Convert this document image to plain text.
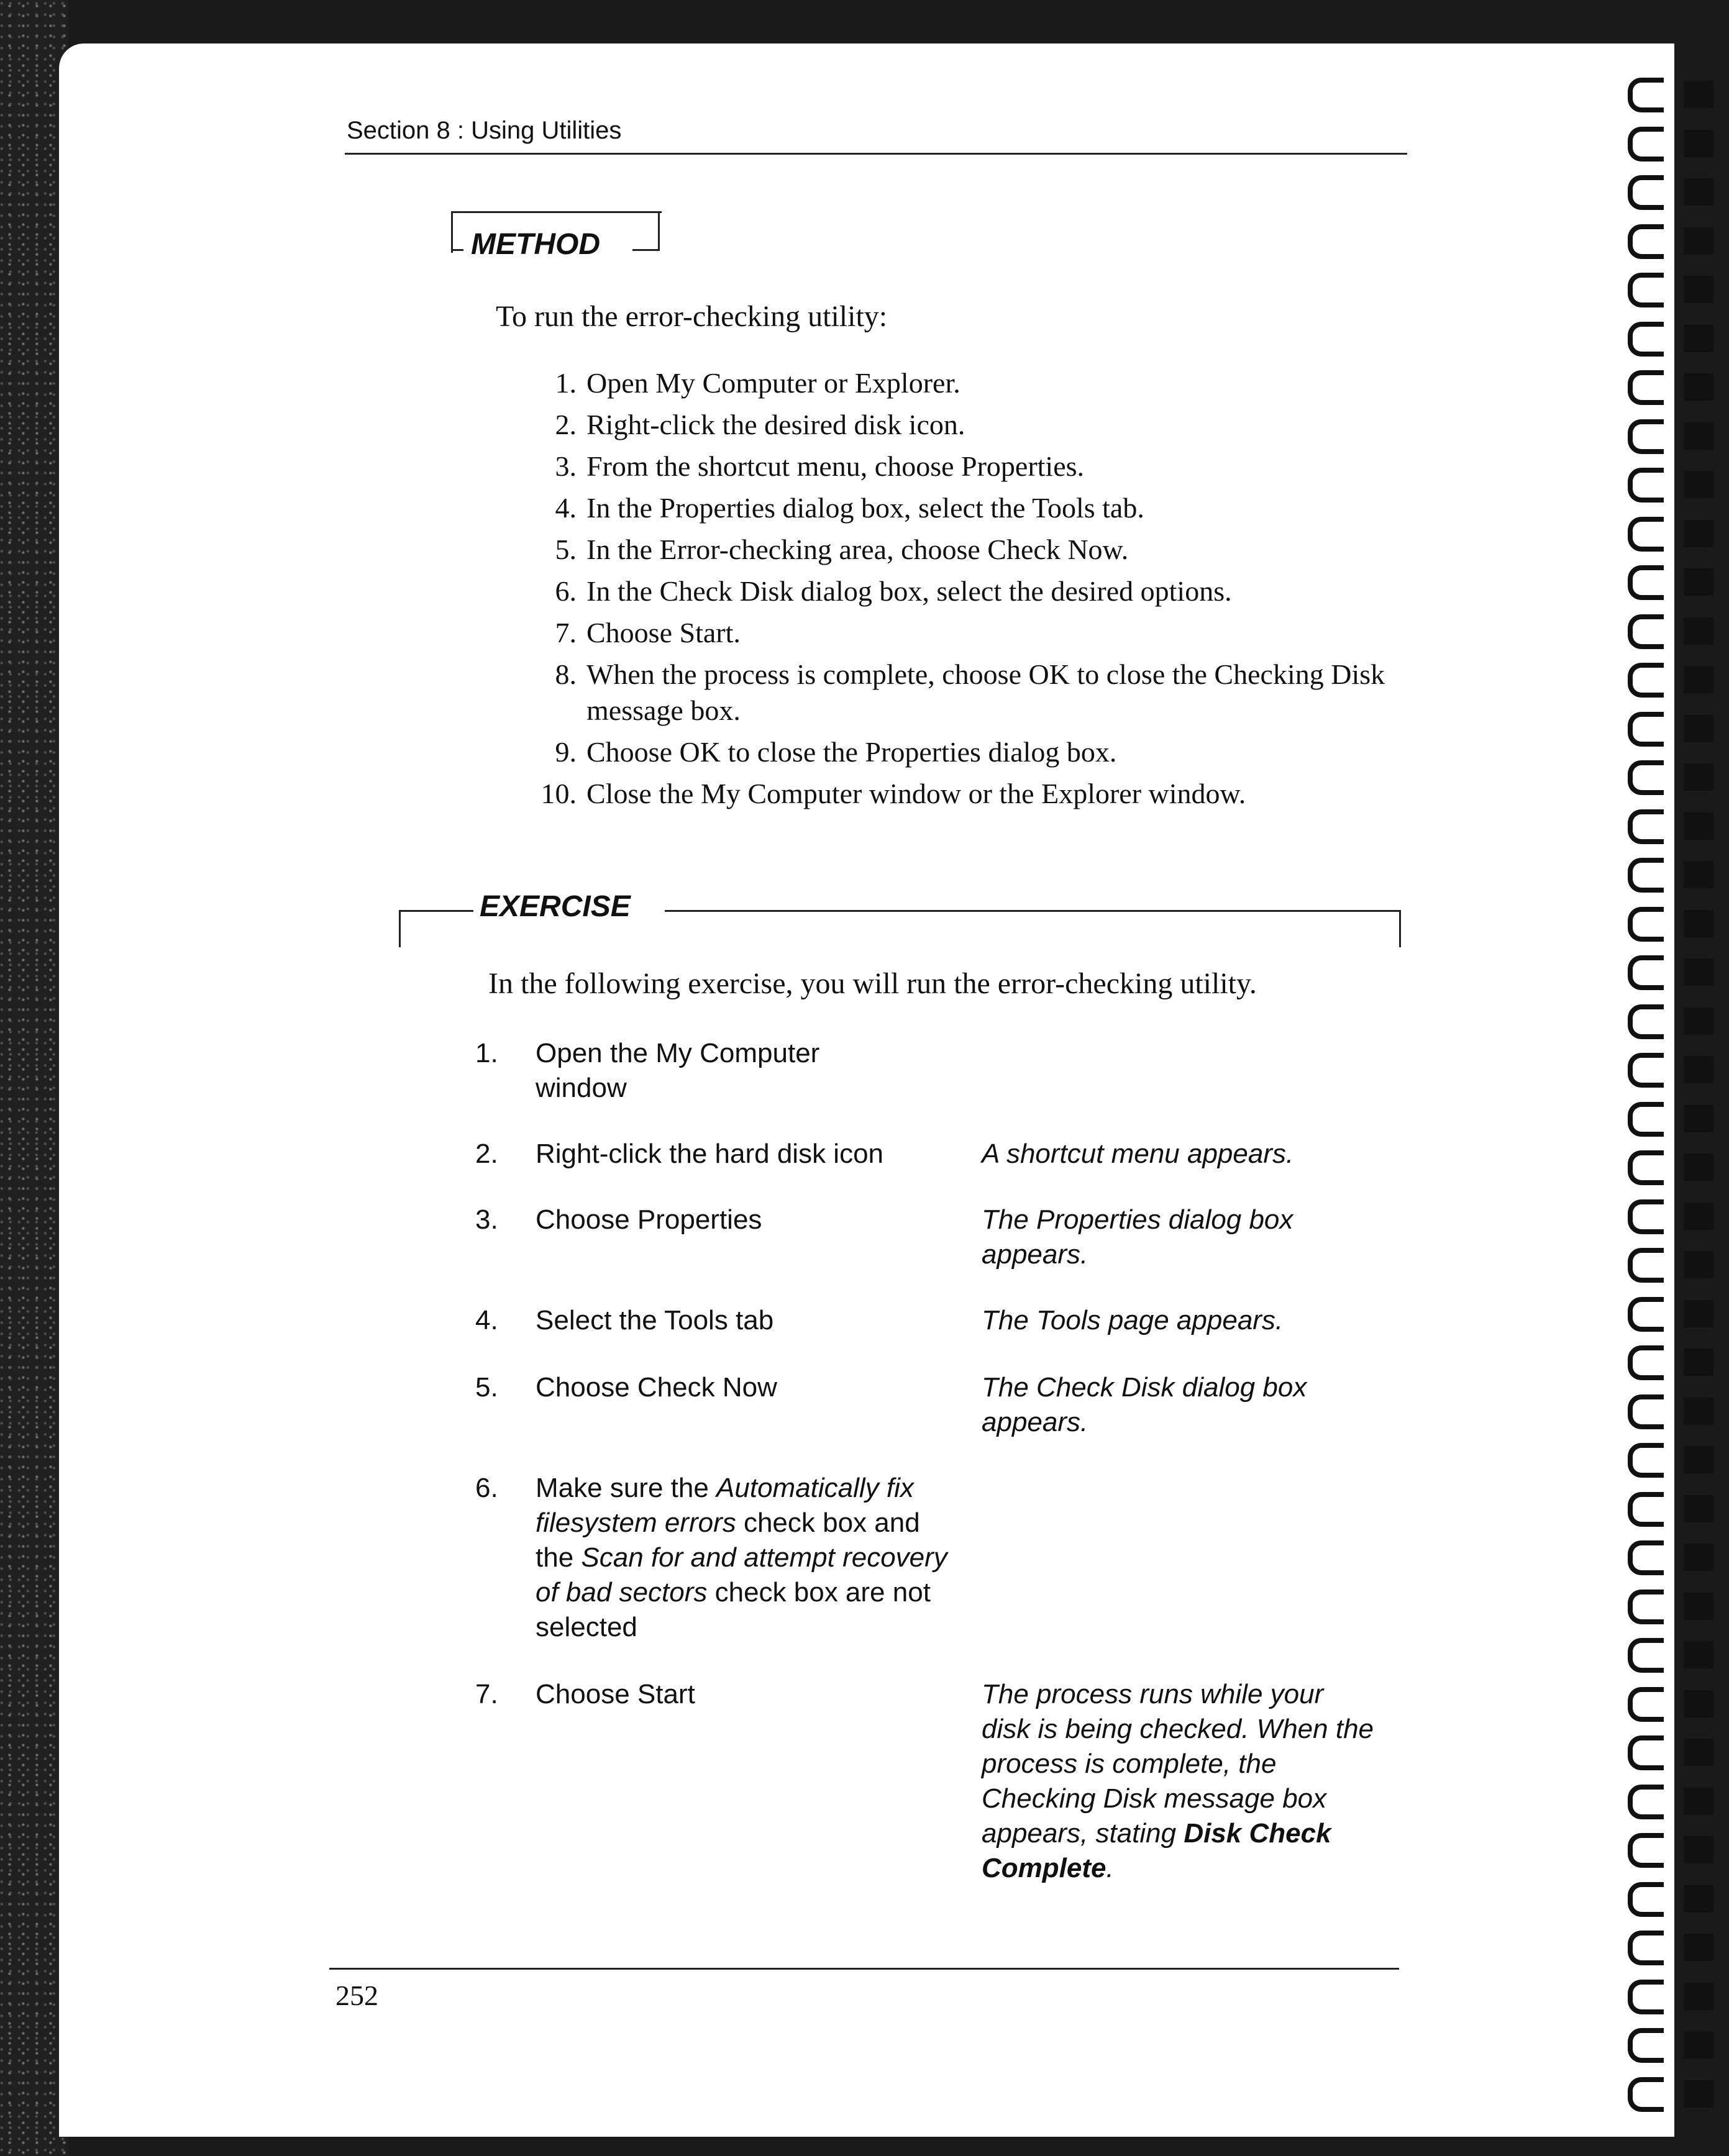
Section 8 : Using Utilities
METHOD
To run the error-checking utility:
1. Open My Computer or Explorer.
2. Right-click the desired disk icon.
3. From the shortcut menu, choose Properties.
4. In the Properties dialog box, select the Tools tab.
5. In the Error-checking area, choose Check Now.
6. In the Check Disk dialog box, select the desired options.
7. Choose Start.
8. When the process is complete, choose OK to close the Checking Disk message box.
9. Choose OK to close the Properties dialog box.
10. Close the My Computer window or the Explorer window.
EXERCISE
In the following exercise, you will run the error-checking utility.
1. Open the My Computer window
2. Right-click the hard disk icon	A shortcut menu appears.
3. Choose Properties	The Properties dialog box appears.
4. Select the Tools tab	The Tools page appears.
5. Choose Check Now	The Check Disk dialog box appears.
6. Make sure the Automatically fix filesystem errors check box and the Scan for and attempt recovery of bad sectors check box are not selected
7. Choose Start	The process runs while your disk is being checked. When the process is complete, the Checking Disk message box appears, stating Disk Check Complete.
252
